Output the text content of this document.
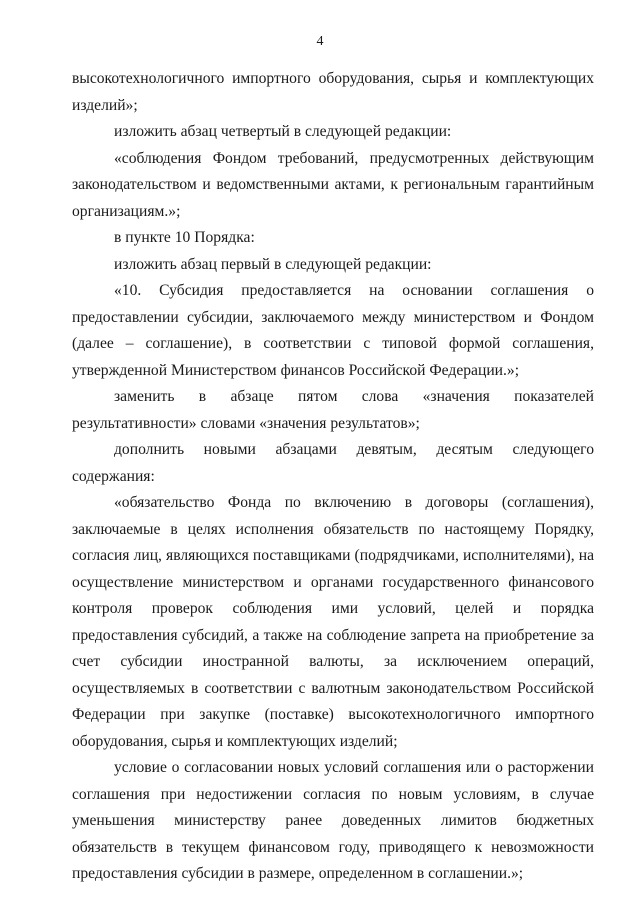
4

высокотехнологичного импортного оборудования, сырья и комплектующих изделий»;

изложить абзац четвертый в следующей редакции:

«соблюдения Фондом требований, предусмотренных действующим законодательством и ведомственными актами, к региональным гарантийным организациям.»;

в пункте 10 Порядка:

изложить абзац первый в следующей редакции:

«10. Субсидия предоставляется на основании соглашения о предоставлении субсидии, заключаемого между министерством и Фондом (далее – соглашение), в соответствии с типовой формой соглашения, утвержденной Министерством финансов Российской Федерации.»;

заменить в абзаце пятом слова «значения показателей результативности» словами «значения результатов»;

дополнить новыми абзацами девятым, десятым следующего содержания:

«обязательство Фонда по включению в договоры (соглашения), заключаемые в целях исполнения обязательств по настоящему Порядку, согласия лиц, являющихся поставщиками (подрядчиками, исполнителями), на осуществление министерством и органами государственного финансового контроля проверок соблюдения ими условий, целей и порядка предоставления субсидий, а также на соблюдение запрета на приобретение за счет субсидии иностранной валюты, за исключением операций, осуществляемых в соответствии с валютным законодательством Российской Федерации при закупке (поставке) высокотехнологичного импортного оборудования, сырья и комплектующих изделий;

условие о согласовании новых условий соглашения или о расторжении соглашения при недостижении согласия по новым условиям, в случае уменьшения министерству ранее доведенных лимитов бюджетных обязательств в текущем финансовом году, приводящего к невозможности предоставления субсидии в размере, определенном в соглашении.»;
